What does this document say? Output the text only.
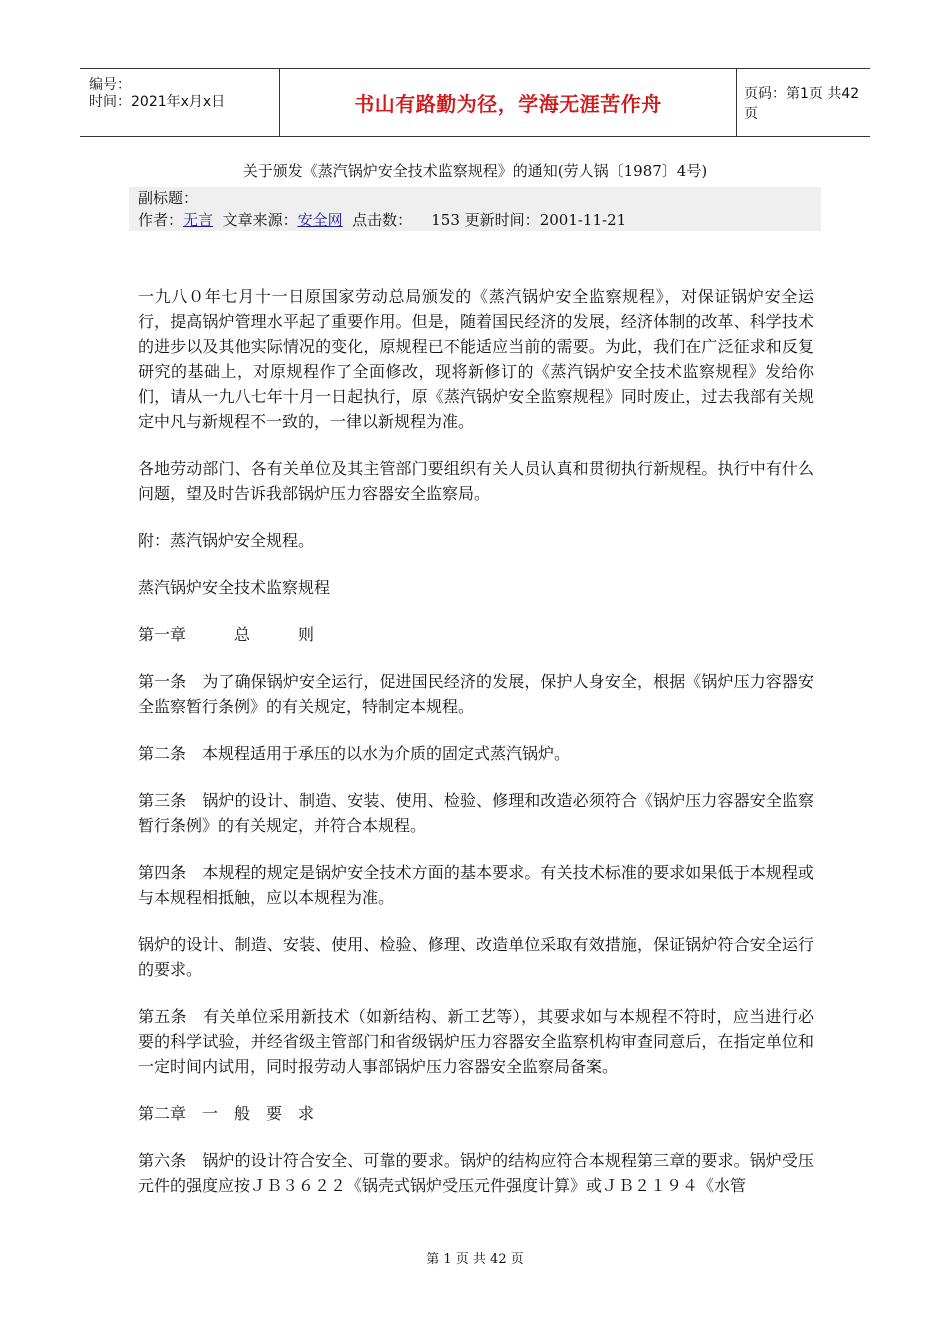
编号：
时间：2021年x月x日	书山有路勤为径，学海无涯苦作舟	页码：第1页 共42页
关于颁发《蒸汽锅炉安全技术监察规程》的通知(劳人锅〔1987〕4号)
副标题：
作者：无言 文章来源：安全网 点击数： 153 更新时间：2001-11-21

一九八０年七月十一日原国家劳动总局颁发的《蒸汽锅炉安全监察规程》，对保证锅炉安全运行，提高锅炉管理水平起了重要作用。但是，随着国民经济的发展，经济体制的改革、科学技术的进步以及其他实际情况的变化，原规程已不能适应当前的需要。为此，我们在广泛征求和反复研究的基础上，对原规程作了全面修改，现将新修订的《蒸汽锅炉安全技术监察规程》发给你们，请从一九八七年十月一日起执行，原《蒸汽锅炉安全监察规程》同时废止，过去我部有关规定中凡与新规程不一致的，一律以新规程为准。

各地劳动部门、各有关单位及其主管部门要组织有关人员认真和贯彻执行新规程。执行中有什么问题，望及时告诉我部锅炉压力容器安全监察局。

附：蒸汽锅炉安全规程。

蒸汽锅炉安全技术监察规程

第一章　　　总　　　则

第一条　为了确保锅炉安全运行，促进国民经济的发展，保护人身安全，根据《锅炉压力容器安全监察暂行条例》的有关规定，特制定本规程。

第二条　本规程适用于承压的以水为介质的固定式蒸汽锅炉。

第三条　锅炉的设计、制造、安装、使用、检验、修理和改造必须符合《锅炉压力容器安全监察暂行条例》的有关规定，并符合本规程。

第四条　本规程的规定是锅炉安全技术方面的基本要求。有关技术标准的要求如果低于本规程或与本规程相抵触，应以本规程为准。

锅炉的设计、制造、安装、使用、检验、修理、改造单位采取有效措施，保证锅炉符合安全运行的要求。

第五条　有关单位采用新技术（如新结构、新工艺等），其要求如与本规程不符时，应当进行必要的科学试验，并经省级主管部门和省级锅炉压力容器安全监察机构审查同意后，在指定单位和一定时间内试用，同时报劳动人事部锅炉压力容器安全监察局备案。

第二章　一　般　要　求

第六条　锅炉的设计符合安全、可靠的要求。锅炉的结构应符合本规程第三章的要求。锅炉受压元件的强度应按ＪＢ３６２２《锅壳式锅炉受压元件强度计算》或ＪＢ２１９４《水管

第 1 页 共 42 页
